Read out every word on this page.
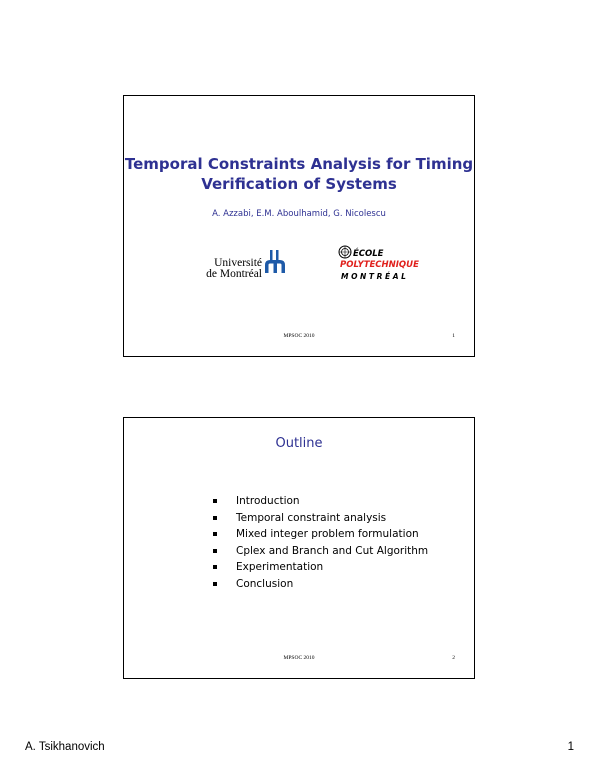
Temporal Constraints Analysis for Timing
Verification of Systems
A. Azzabi, E.M. Aboulhamid, G. Nicolescu
Université
de Montréal
ÉCOLE
POLYTECHNIQUE
MONTRÉAL
MPSOC 2010	1
Outline
Introduction
Temporal constraint analysis
Mixed integer problem formulation
Cplex and Branch and Cut Algorithm
Experimentation
Conclusion
MPSOC 2010	2
A. Tsikhanovich	1
